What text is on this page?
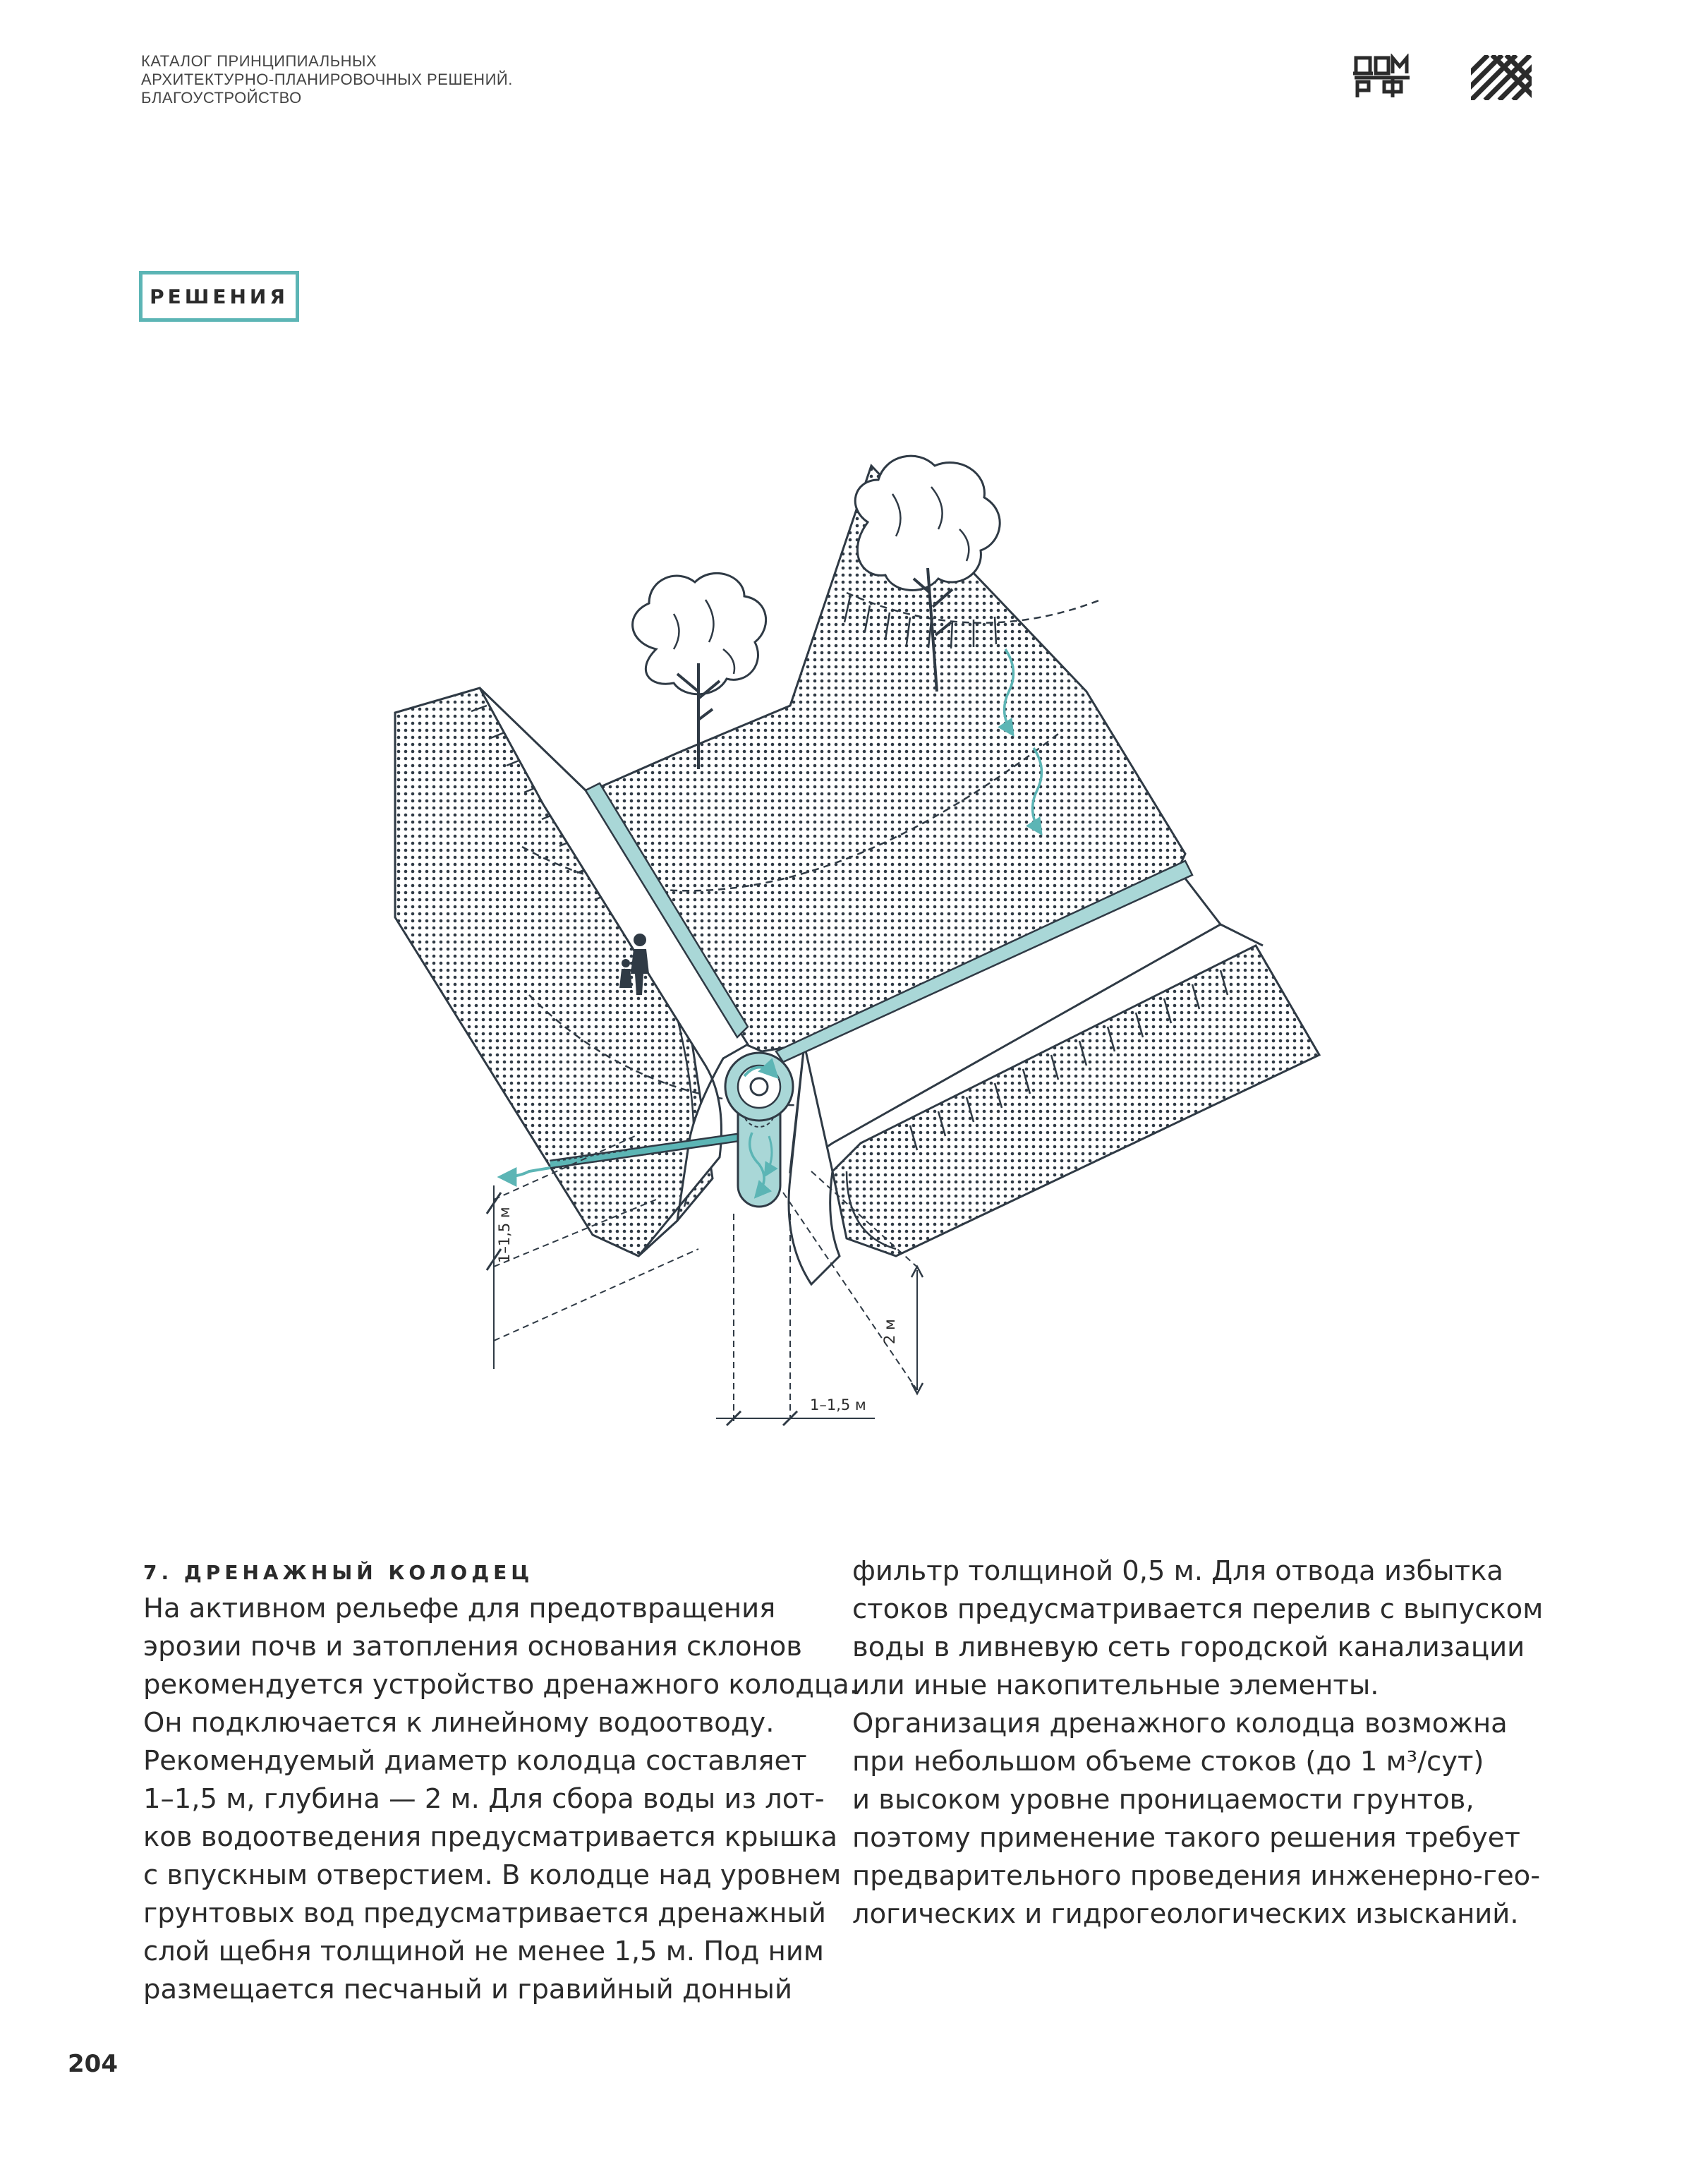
КАТАЛОГ ПРИНЦИПИАЛЬНЫХ
АРХИТЕКТУРНО-ПЛАНИРОВОЧНЫХ РЕШЕНИЙ.
БЛАГОУСТРОЙСТВО
РЕШЕНИЯ
1–1,5 м
2 м
1–1,5 м
7. ДРЕНАЖНЫЙ КОЛОДЕЦ
На активном рельефе для предотвращения
эрозии почв и затопления основания склонов
рекомендуется устройство дренажного колодца.
Он подключается к линейному водоотводу.
Рекомендуемый диаметр колодца составляет
1–1,5 м, глубина — 2 м. Для сбора воды из лот-
ков водоотведения предусматривается крышка
с впускным отверстием. В колодце над уровнем
грунтовых вод предусматривается дренажный
слой щебня толщиной не менее 1,5 м. Под ним
размещается песчаный и гравийный донный
фильтр толщиной 0,5 м. Для отвода избытка
стоков предусматривается перелив с выпуском
воды в ливневую сеть городской канализации
или иные накопительные элементы.
Организация дренажного колодца возможна
при небольшом объеме стоков (до 1 м³/сут)
и высоком уровне проницаемости грунтов,
поэтому применение такого решения требует
предварительного проведения инженерно-гео-
логических и гидрогеологических изысканий.
204
